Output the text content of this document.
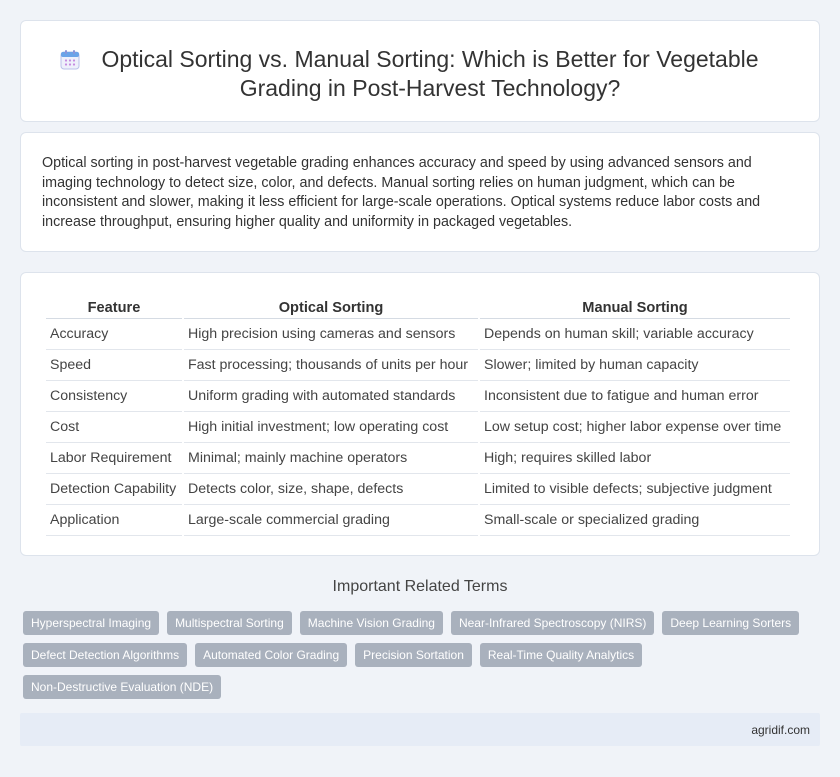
Optical Sorting vs. Manual Sorting: Which is Better for Vegetable Grading in Post-Harvest Technology?

Optical sorting in post-harvest vegetable grading enhances accuracy and speed by using advanced sensors and imaging technology to detect size, color, and defects. Manual sorting relies on human judgment, which can be inconsistent and slower, making it less efficient for large-scale operations. Optical systems reduce labor costs and increase throughput, ensuring higher quality and uniformity in packaged vegetables.

Feature	Optical Sorting	Manual Sorting
Accuracy	High precision using cameras and sensors	Depends on human skill; variable accuracy
Speed	Fast processing; thousands of units per hour	Slower; limited by human capacity
Consistency	Uniform grading with automated standards	Inconsistent due to fatigue and human error
Cost	High initial investment; low operating cost	Low setup cost; higher labor expense over time
Labor Requirement	Minimal; mainly machine operators	High; requires skilled labor
Detection Capability	Detects color, size, shape, defects	Limited to visible defects; subjective judgment
Application	Large-scale commercial grading	Small-scale or specialized grading
Important Related Terms
Hyperspectral Imaging	Multispectral Sorting	Machine Vision Grading	Near-Infrared Spectroscopy (NIRS)	Deep Learning Sorters
Defect Detection Algorithms	Automated Color Grading	Precision Sortation	Real-Time Quality Analytics
Non-Destructive Evaluation (NDE)
agridif.com
